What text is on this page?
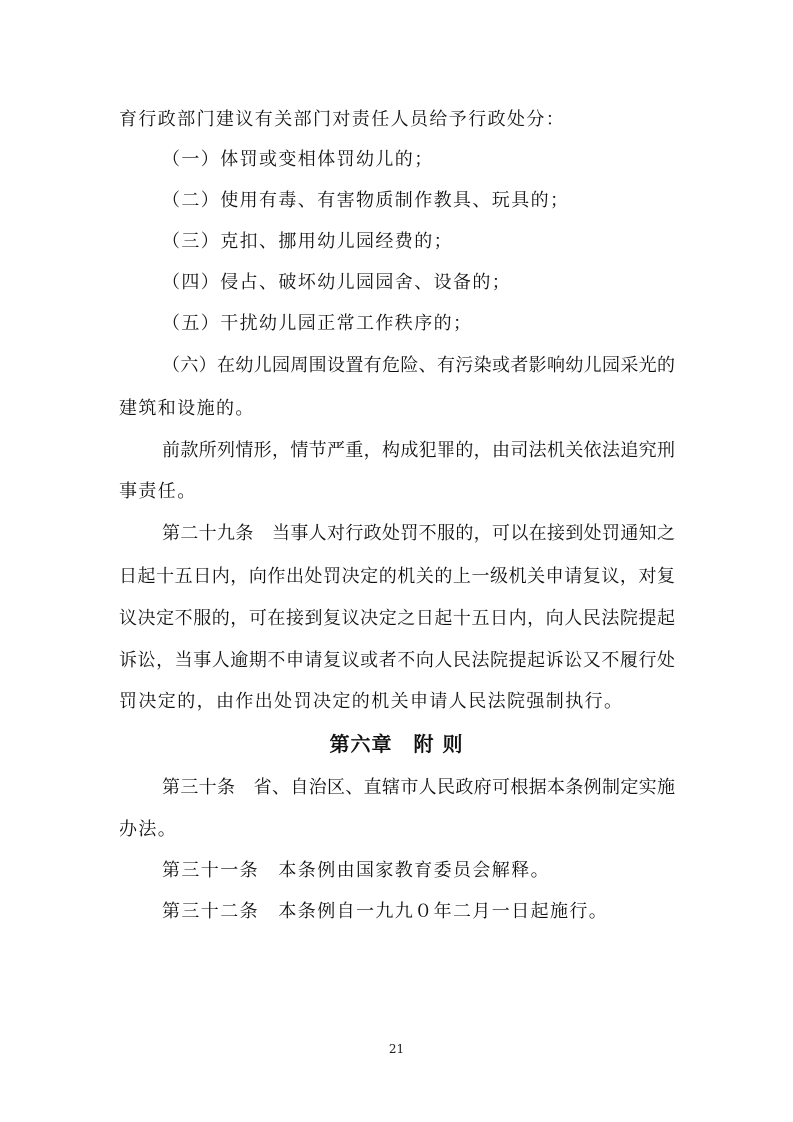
育行政部门建议有关部门对责任人员给予行政处分：
（一）体罚或变相体罚幼儿的；
（二）使用有毒、有害物质制作教具、玩具的；
（三）克扣、挪用幼儿园经费的；
（四）侵占、破坏幼儿园园舍、设备的；
（五）干扰幼儿园正常工作秩序的；
（六）在幼儿园周围设置有危险、有污染或者影响幼儿园采光的
建筑和设施的。
前款所列情形，情节严重，构成犯罪的，由司法机关依法追究刑
事责任。
第二十九条　当事人对行政处罚不服的，可以在接到处罚通知之
日起十五日内，向作出处罚决定的机关的上一级机关申请复议，对复
议决定不服的，可在接到复议决定之日起十五日内，向人民法院提起
诉讼，当事人逾期不申请复议或者不向人民法院提起诉讼又不履行处
罚决定的，由作出处罚决定的机关申请人民法院强制执行。
第六章　附 则
第三十条　省、自治区、直辖市人民政府可根据本条例制定实施
办法。
第三十一条　本条例由国家教育委员会解释。
第三十二条　本条例自一九九０年二月一日起施行。
21
